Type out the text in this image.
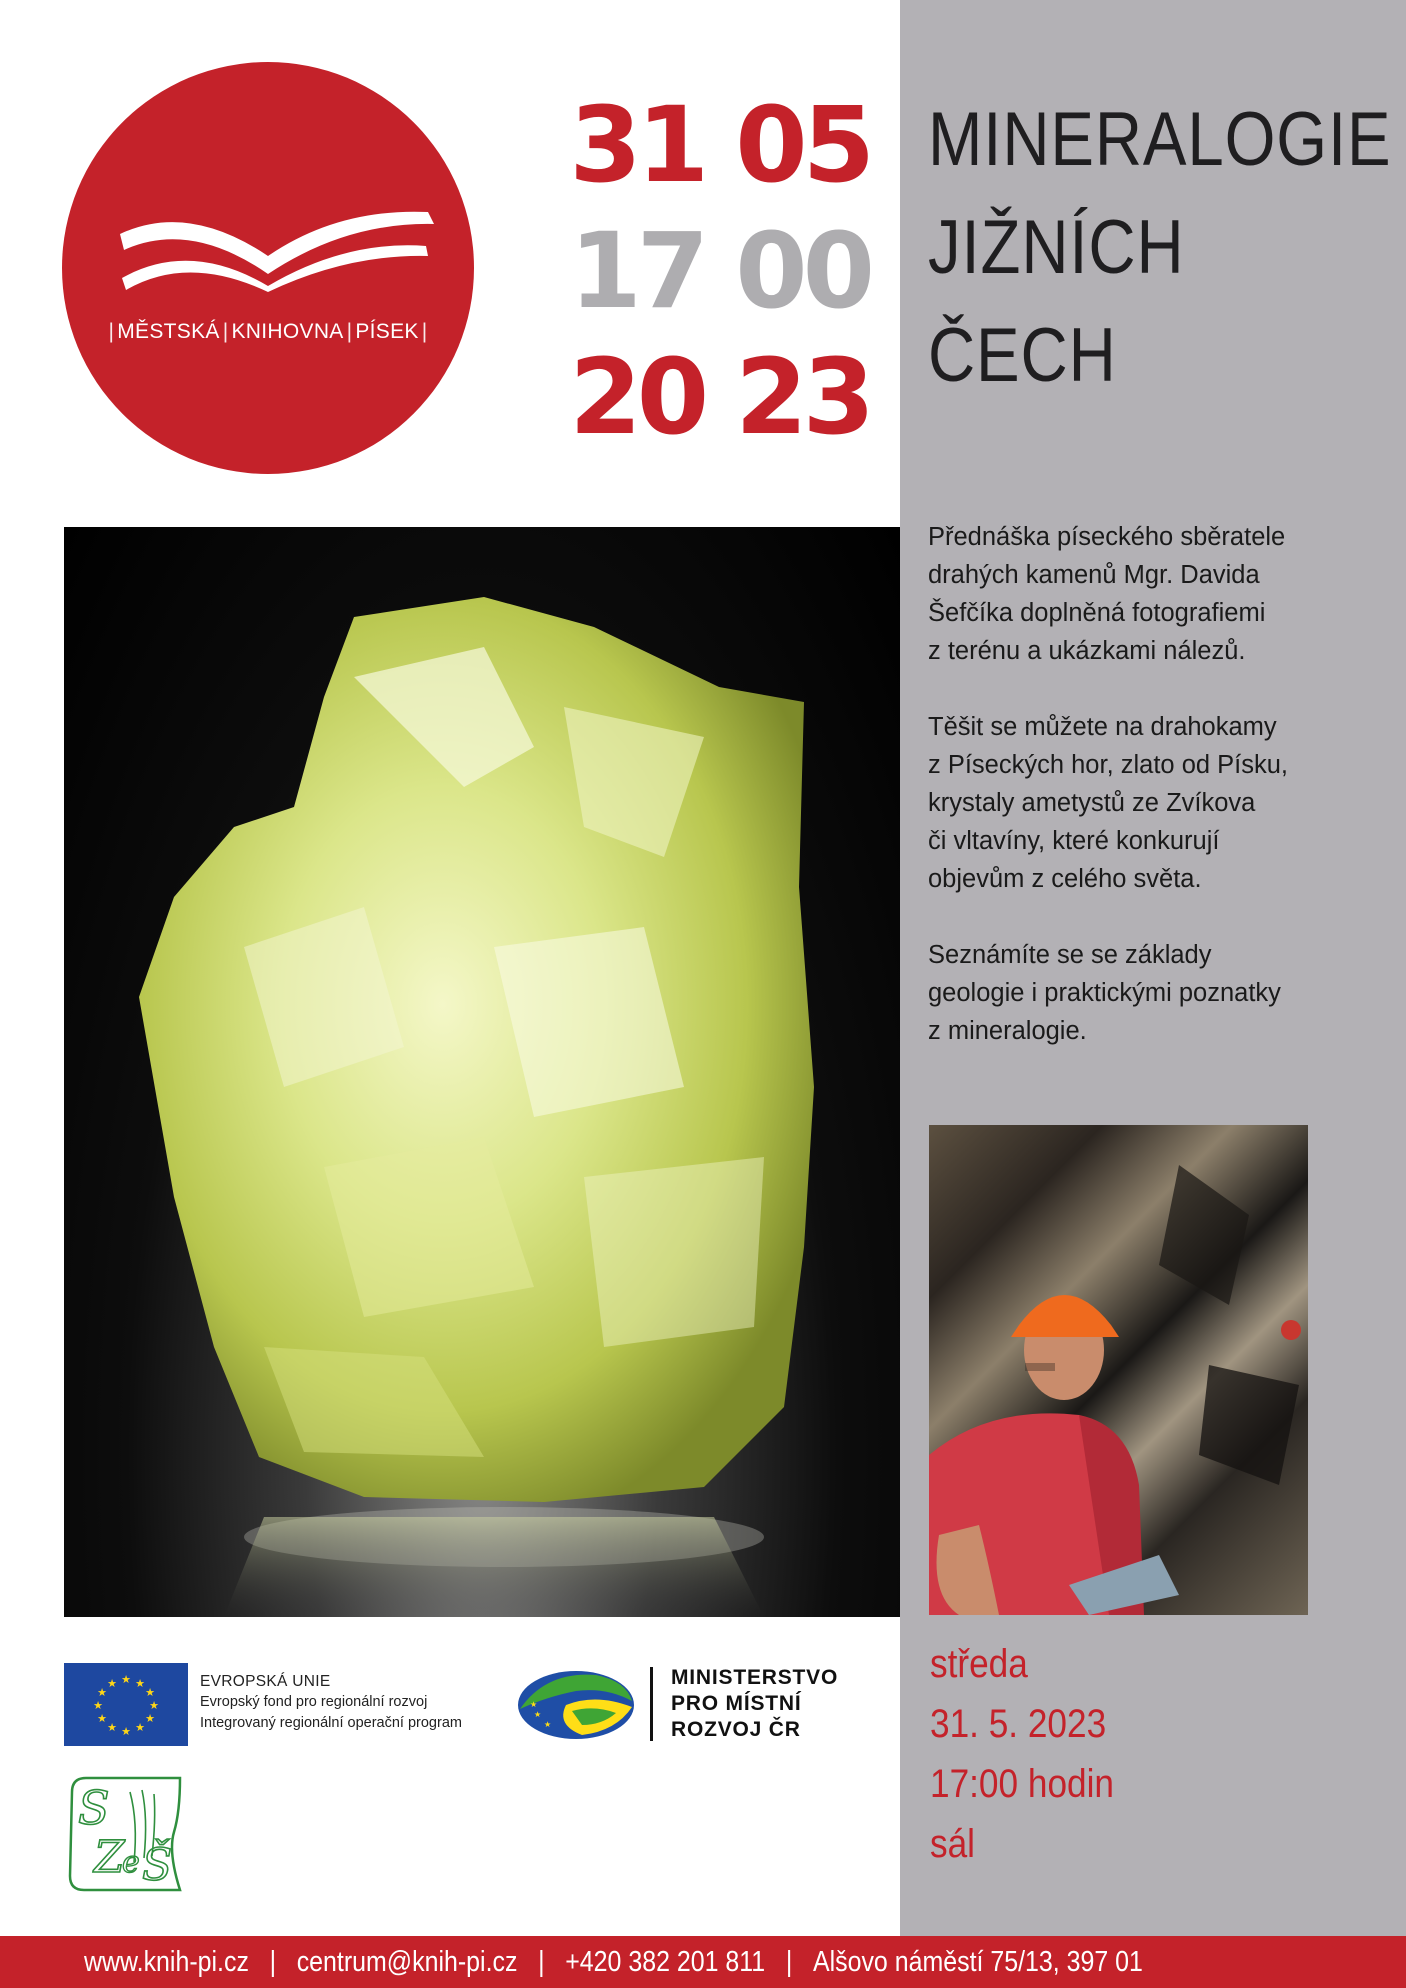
| MĚSTSKÁ | KNIHOVNA | PÍSEK |
31 05
17 00
20 23
MINERALOGIE
JIŽNÍCH
ČECH

Přednáška píseckého sběratele
drahých kamenů Mgr. Davida
Šefčíka doplněná fotografiemi
z terénu a ukázkami nálezů.

Těšit se můžete na drahokamy
z Píseckých hor, zlato od Písku,
krystaly ametystů ze Zvíkova
či vltavíny, které konkurují
objevům z celého světa.

Seznámíte se se základy
geologie i praktickými poznatky
z mineralogie.

středa
31. 5. 2023
17:00 hodin
sál
★ ★
★
★
★
★
★
★
★
★
★
★	EVROPSKÁ UNIE
Evropský fond pro regionální rozvoj
Integrovaný regionální operační program
★
★
★
MINISTERSTVO
PRO MÍSTNÍ
ROZVOJ ČR
S
Z
e Š
www.knih-pi.cz | centrum@knih-pi.cz | +420 382 201 811 | Alšovo náměstí 75/13, 397 01
